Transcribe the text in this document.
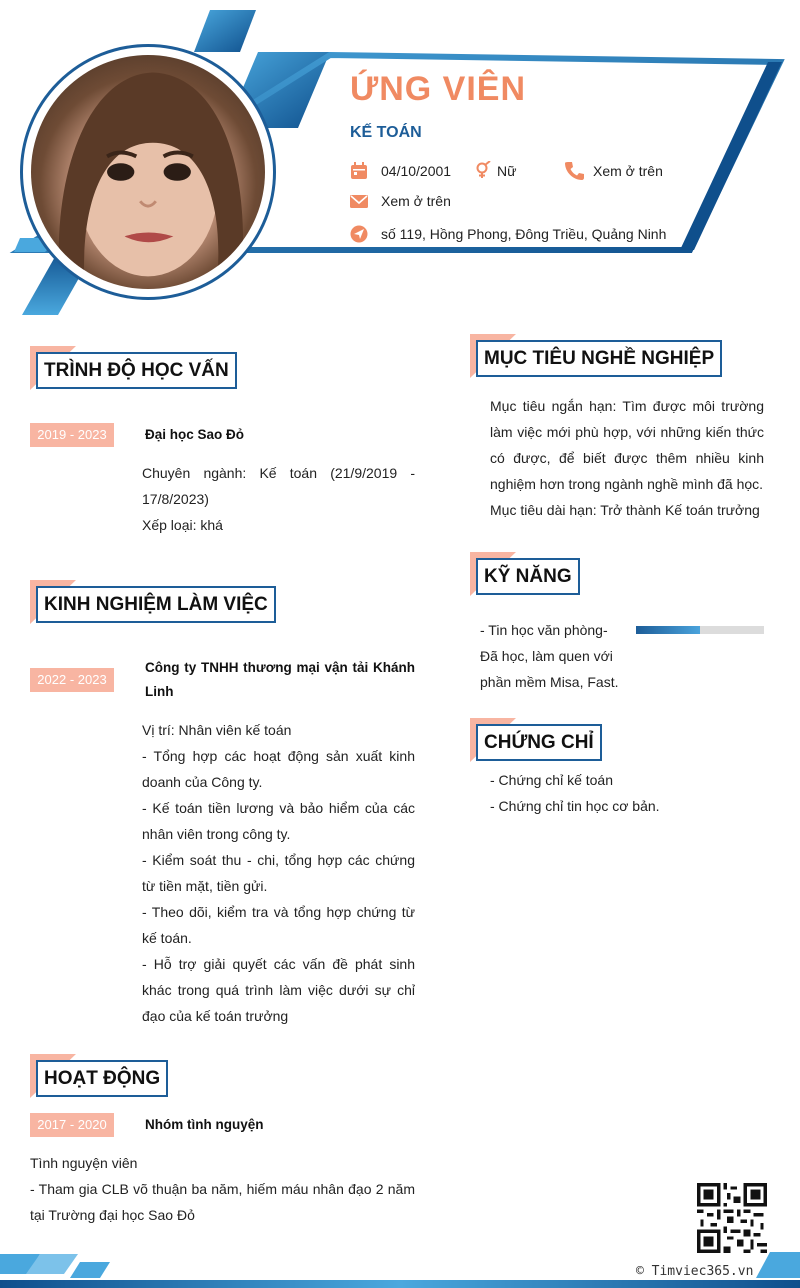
ỨNG VIÊN
KẾ TOÁN
04/10/2001	Nữ	Xem ở trên
Xem ở trên
số 119, Hồng Phong, Đông Triều, Quảng Ninh
TRÌNH ĐỘ HỌC VẤN
2019 - 2023	Đại học Sao Đỏ

Chuyên ngành: Kế toán (21/9/2019 - 17/8/2023)

Xếp loại: khá

KINH NGHIỆM LÀM VIỆC
2022 - 2023
Công ty TNHH thương mại vận tải Khánh Linh

Vị trí: Nhân viên kế toán

- Tổng hợp các hoạt động sản xuất kinh doanh của Công ty.

- Kế toán tiền lương và bảo hiểm của các nhân viên trong công ty.

- Kiểm soát thu - chi, tổng hợp các chứng từ tiền mặt, tiền gửi.

- Theo dõi, kiểm tra và tổng hợp chứng từ kế toán.

- Hỗ trợ giải quyết các vấn đề phát sinh khác trong quá trình làm việc dưới sự chỉ đạo của kế toán trưởng

HOẠT ĐỘNG
2017 - 2020	Nhóm tình nguyện

Tình nguyện viên

- Tham gia CLB võ thuận ba năm, hiếm máu nhân đạo 2 năm tại Trường đại học Sao Đỏ

MỤC TIÊU NGHỀ NGHIỆP

Mục tiêu ngắn hạn: Tìm được môi trường làm việc mới phù hợp, với những kiến thức có được, để biết được thêm nhiều kinh nghiệm hơn trong ngành nghề mình đã học.

Mục tiêu dài hạn: Trở thành Kế toán trưởng

KỸ NĂNG
- Tin học văn phòng- Đã học, làm quen với phần mềm Misa, Fast.
CHỨNG CHỈ

- Chứng chỉ kế toán

- Chứng chỉ tin học cơ bản.

© Timviec365.vn
